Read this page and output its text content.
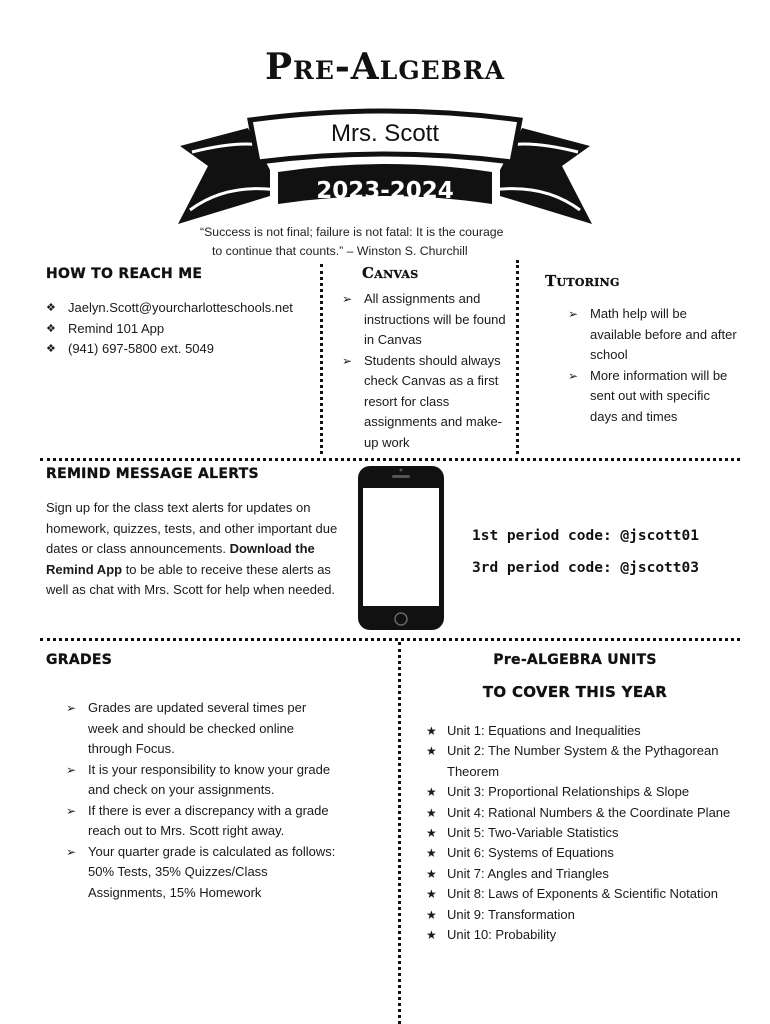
Pre-Algebra
Mrs. Scott
2023-2024
“Success is not final; failure is not fatal: It is the courage
to continue that counts.” – Winston S. Churchill
HOW TO REACH ME
❖ Jaelyn.Scott@yourcharlotteschools.net
❖ Remind 101 App
❖ (941) 697-5800 ext. 5049
Canvas
➢ All assignments and instructions will be found in Canvas
➢ Students should always check Canvas as a first resort for class assignments and make-up work
Tutoring
➢ Math help will be available before and after school
➢ More information will be sent out with specific days and times
REMIND MESSAGE ALERTS
Sign up for the class text alerts for updates on homework, quizzes, tests, and other important due dates or class announcements. Download the Remind App to be able to receive these alerts as well as chat with Mrs. Scott for help when needed.
1st period code: @jscott01
3rd period code: @jscott03
GRADES
➢ Grades are updated several times per week and should be checked online through Focus.
➢ It is your responsibility to know your grade and check on your assignments.
➢ If there is ever a discrepancy with a grade reach out to Mrs. Scott right away.
➢ Your quarter grade is calculated as follows: 50% Tests, 35% Quizzes/Class Assignments, 15% Homework
Pre-ALGEBRA UNITS
TO COVER THIS YEAR
★ Unit 1: Equations and Inequalities
★ Unit 2: The Number System & the Pythagorean Theorem
★ Unit 3: Proportional Relationships & Slope
★ Unit 4: Rational Numbers & the Coordinate Plane
★ Unit 5: Two-Variable Statistics
★ Unit 6: Systems of Equations
★ Unit 7: Angles and Triangles
★ Unit 8: Laws of Exponents & Scientific Notation
★ Unit 9: Transformation
★ Unit 10: Probability
